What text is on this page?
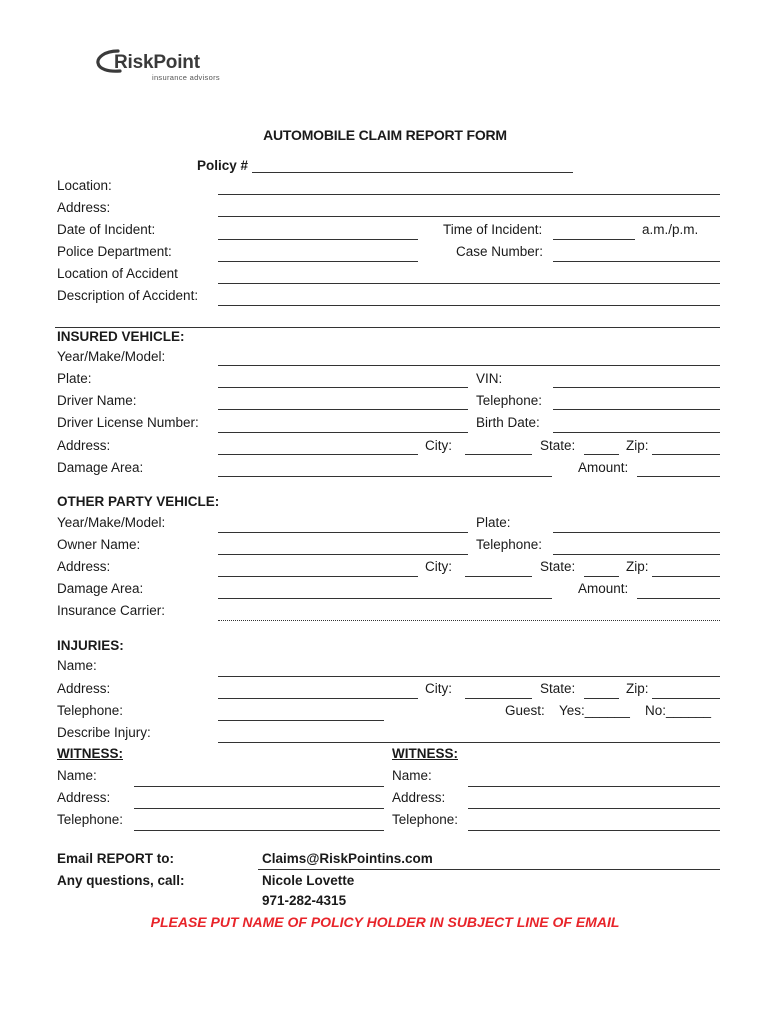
RiskPoint
insurance advisors
AUTOMOBILE CLAIM REPORT FORM
Policy #
Location:
Address:
Date of Incident:	Time of Incident:	a.m./p.m.
Police Department:	Case Number:
Location of Accident
Description of Accident:
INSURED VEHICLE:
Year/Make/Model:
Plate:	VIN:
Driver Name:	Telephone:
Driver License Number:	Birth Date:
Address:	City:	State:	Zip:
Damage Area:	Amount:
OTHER PARTY VEHICLE:
Year/Make/Model:	Plate:
Owner Name:	Telephone:
Address:	City:	State:	Zip:
Damage Area:	Amount:
Insurance Carrier:
INJURIES:
Name:
Address:	City:	State:	Zip:
Telephone:	Guest: Yes:______ No:______
Describe Injury:
WITNESS:	WITNESS:
Name:	Name:
Address:	Address:
Telephone:	Telephone:
Email REPORT to:	Claims@RiskPointins.com
Any questions, call:	Nicole Lovette
971-282-4315
PLEASE PUT NAME OF POLICY HOLDER IN SUBJECT LINE OF EMAIL
